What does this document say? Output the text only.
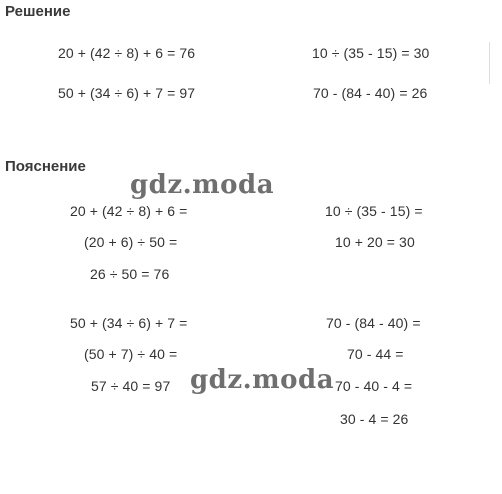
Решение
20 + (42 ÷ 8) + 6 = 76	10 ÷ (35 - 15) = 30
50 + (34 ÷ 6) + 7 = 97	70 - (84 - 40) = 26
Пояснение
gdz.moda
20 + (42 ÷ 8) + 6 =
(20 + 6) ÷ 50 =
26 ÷ 50 = 76
10 ÷ (35 - 15) =
10 + 20 = 30
50 + (34 ÷ 6) + 7 =
(50 + 7) ÷ 40 =
57 ÷ 40 = 97
70 - (84 - 40) =
70 - 44 =
70 - 40 - 4 =
30 - 4 = 26
gdz.moda
